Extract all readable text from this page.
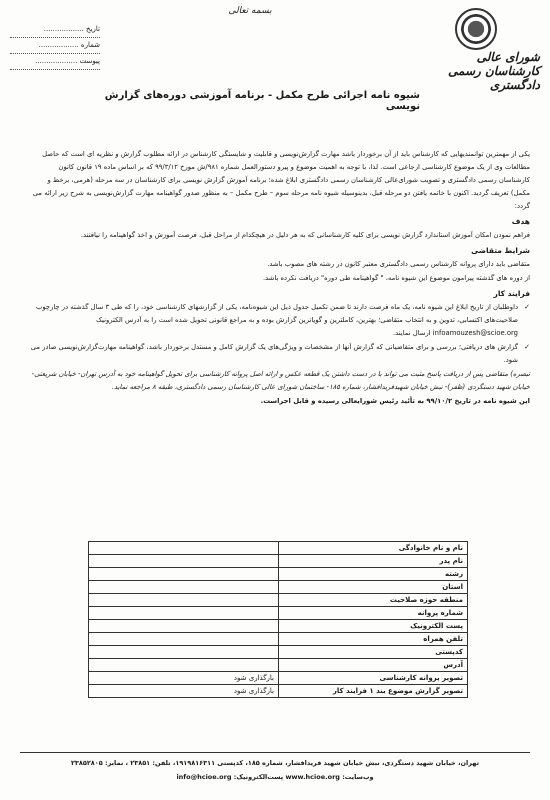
بسمه تعالی
شورای عالی
کارشناسان رسمی دادگستری
تاریخ ..................
شماره ..................
پیوست ...................
شیوه نامه اجرائی طرح مکمل - برنامه آموزشی دوره‌های گزارش نویسی

یکی از مهمترین توانمندیهایی که کارشناس باید از آن برخوردار باشد مهارت گزارش‌نویسی و قابلیت و شایستگی کارشناس در ارائه مطلوب گزارش و نظریه ای است که حاصل مطالعات وی از یک موضوع کارشناسی ارجاعی است. لذا، با توجه به اهمیت موضوع و پیرو دستورالعمل شماره ۹۸۱/ش مورخ ۹۹/۳/۱۲ که بر اساس ماده ۱۹ قانون کانون کارشناسان رسمی دادگستری و تصویب شورای‌عالی کارشناسان رسمی دادگستری ابلاغ شده؛ برنامه آموزش گزارش نویسی برای کارشناسان در سه مرحله (هرمی، برخط و مکمل) تعریف گردید. اکنون با خاتمه یافتن دو مرحله قبل، بدینوسیله شیوه نامه مرحله سوم – طرح مکمل – به منظور صدور گواهینامه مهارت گزارش‌نویسی به شرح زیر ارائه می گردد:

هدف

فراهم نمودن امکان آموزش استاندارد گزارش نویسی برای کلیه کارشناسانی که به هر دلیل در هیچکدام از مراحل قبل، فرصت آموزش و اخذ گواهینامه را نیافتند.

شرایط متقاضی

متقاضی باید دارای پروانه کارشناس رسمی دادگستری معتبر کانون در رشته های مصوب باشد.

از دوره های گذشته پیرامون موضوع این شیوه نامه، " گواهینامه طی دوره" دریافت نکرده باشد.

فرایند کار

✓ داوطلبان از تاریخ ابلاغ این شیوه نامه، یک ماه فرصت دارند تا ضمن تکمیل جدول ذیل این شیوه‌نامه، یکی از گزارشهای کارشناسی خود، را که طی ۳ سال گذشته در چارچوب صلاحیت‌های اکتسابی، تدوین و به انتخاب متقاضی؛ بهترین، کاملترین و گویاترین گزارش بوده و به مراجع قانونی تحویل شده است را به آدرس الکترونیک infoamouzesh@scioe.org ارسال نمایند.

✓ گزارش های دریافتی؛ بررسی و برای متقاضیانی که گزارش آنها از مشخصات و ویژگی‌های یک گزارش کامل و مستدل برخوردار باشد، گواهینامه مهارت‌گزارش‌نویسی صادر می شود.

تبصره) متقاضی پس از دریافت پاسخ مثبت می تواند با در دست داشتن یک قطعه عکس و ارائه اصل پروانه کارشناسی برای تحویل گواهینامه خود به آدرس تهران- خیابان شریعتی- خیابان شهید دستگردی (ظفر)- نبش خیابان شهیدفریدافشار، شماره ۱۸۵- ساختمان شورای عالی کارشناسان رسمی دادگستری، طبقه ۸ مراجعه نماید.

این شیوه نامه در تاریخ ۹۹/۱۰/۲ به تأئید رئیس شورایعالی رسیده و قابل اجراست.

نام و نام خانوادگی	
نام پدر	
رشته	
استان	
منطقه حوزه صلاحیت	
شماره پروانه	
پست الکترونیک	
تلفن همراه	
کدپستی	
آدرس	
تصویر پروانه کارشناسی	بارگذاری شود
تصویر گزارش موضوع بند ۱ فرایند کار	بارگذاری شود
تهران، خیابان شهید دستگردی، نبش خیابان شهید فریدافشار، شماره ۱۸۵، کدپستی ۱۹۱۹۸۱۶۳۱۱، تلفن: ۲۳۸۵۱ ، نمابر: ۲۳۸۵۲۸۰۵
وب‌سایت: www.hcioe.org پست‌الکترونیک: info@hcioe.org
